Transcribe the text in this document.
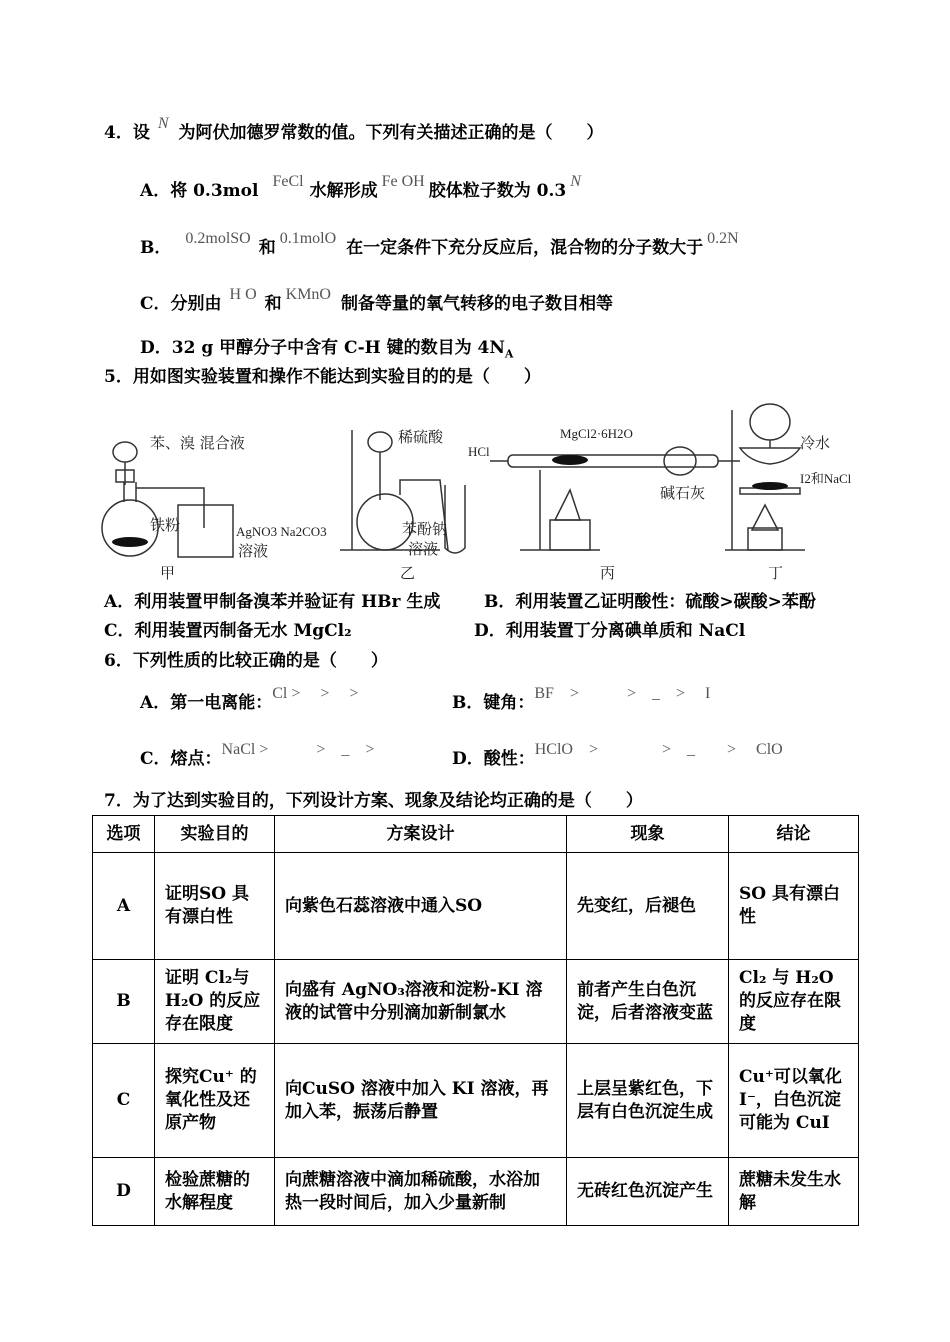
4．设 N 为阿伏加德罗常数的值。下列有关描述正确的是（　　）
A．将 0.3mol FeCl 水解形成 Fe OH 胶体粒子数为 0.3 N
B． 0.2molSO 和 0.1molO 在一定条件下充分反应后，混合物的分子数大于 0.2N
C．分别由 H O 和 KMnO 制备等量的氧气转移的电子数目相等
D．32 g 甲醇分子中含有 C-H 键的数目为 $4N_A$
5．用如图实验装置和操作不能达到实验目的的是（　　）
苯、溴 混合液
铁粉	AgNO3 Na2CO3
溶液
稀硫酸
苯酚钠
溶液
HCl
MgCl2·6H2O
碱石灰
冷水
I2和NaCl
甲	乙	丙	丁
A．利用装置甲制备溴苯并验证有 HBr 生成	B．利用装置乙证明酸性：硫酸>碳酸>苯酚
C．利用装置丙制备无水 MgCl₂	D．利用装置丁分离碘单质和 NaCl
6．下列性质的比较正确的是（　　）
A．第一电离能：Cl >　 >　 >	B．键角：BF　>　　　>　_　>　 I
C．熔点：NaCl >　　　>　_　>	D．酸性：HClO　>　　　　>　_　　>　 ClO
7．为了达到实验目的，下列设计方案、现象及结论均正确的是（　　）
选项	实验目的	方案设计	现象	结论
A	证明SO 具有漂白性	向紫色石蕊溶液中通入SO	先变红，后褪色	SO 具有漂白性
B	证明 Cl₂与H₂O 的反应存在限度	向盛有 AgNO₃溶液和淀粉-KI 溶液的试管中分别滴加新制氯水	前者产生白色沉淀，后者溶液变蓝	Cl₂ 与 H₂O 的反应存在限度
C	探究Cu⁺ 的氧化性及还原产物	向CuSO 溶液中加入 KI 溶液，再加入苯，振荡后静置	上层呈紫红色，下层有白色沉淀生成	Cu⁺可以氧化I⁻，白色沉淀可能为 CuI
D	检验蔗糖的水解程度	向蔗糖溶液中滴加稀硫酸，水浴加热一段时间后，加入少量新制	无砖红色沉淀产生	蔗糖未发生水解
